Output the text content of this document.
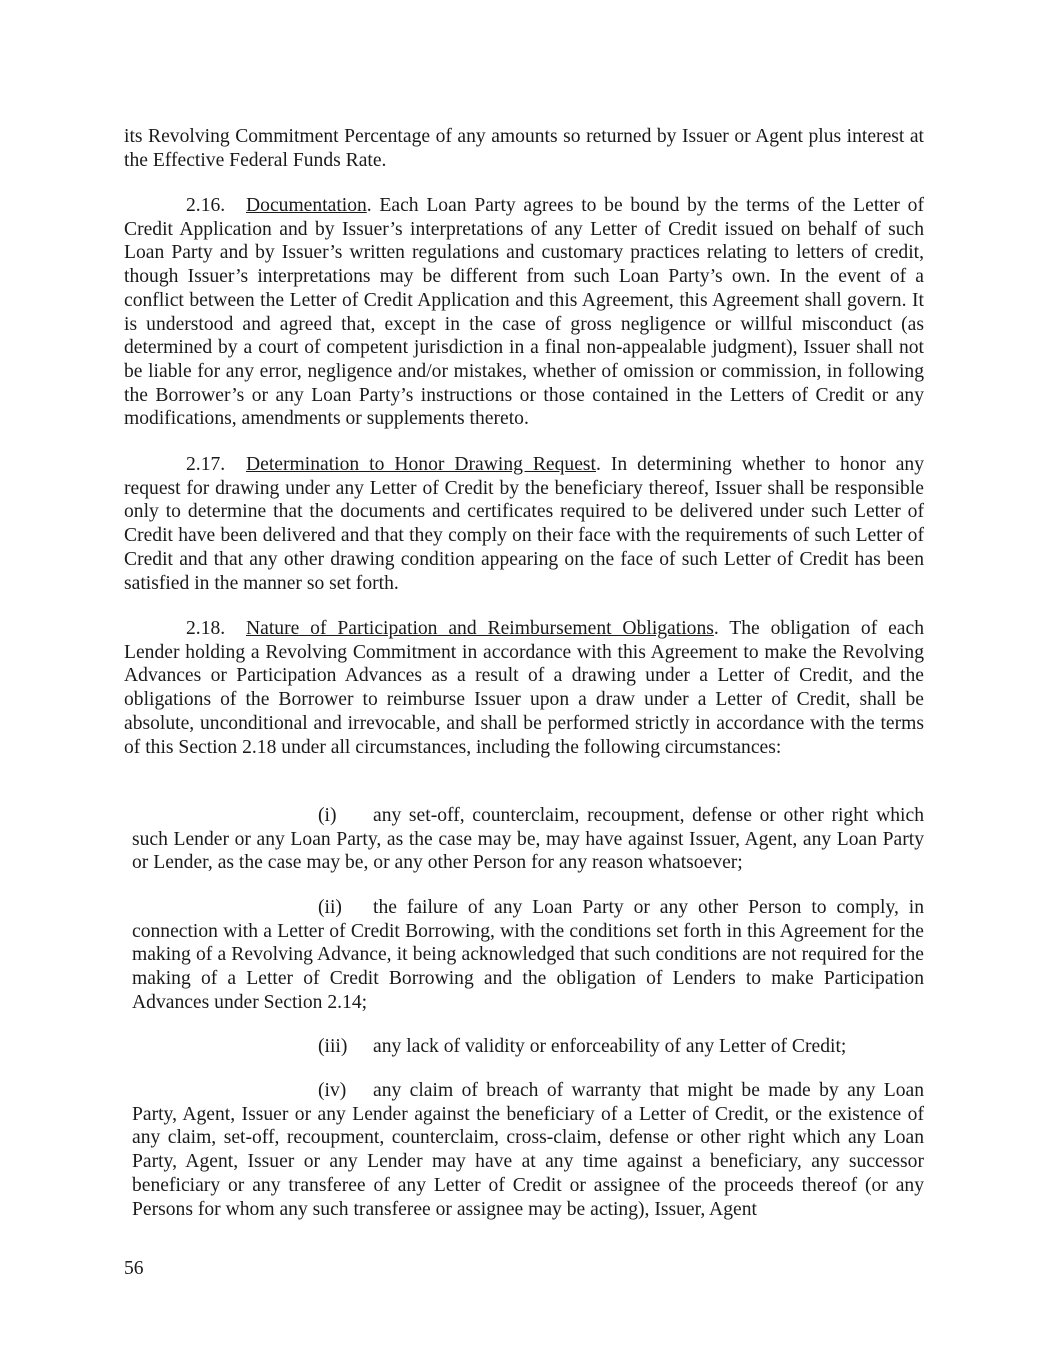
its Revolving Commitment Percentage of any amounts so returned by Issuer or Agent plus interest at the Effective Federal Funds Rate.

2.16. Documentation. Each Loan Party agrees to be bound by the terms of the Letter of Credit Application and by Issuer’s interpretations of any Letter of Credit issued on behalf of such Loan Party and by Issuer’s written regulations and customary practices relating to letters of credit, though Issuer’s interpretations may be different from such Loan Party’s own. In the event of a conflict between the Letter of Credit Application and this Agreement, this Agreement shall govern. It is understood and agreed that, except in the case of gross negligence or willful misconduct (as determined by a court of competent jurisdiction in a final non-appealable judgment), Issuer shall not be liable for any error, negligence and/or mistakes, whether of omission or commission, in following the Borrower’s or any Loan Party’s instructions or those contained in the Letters of Credit or any modifications, amendments or supplements thereto.

2.17. Determination to Honor Drawing Request. In determining whether to honor any request for drawing under any Letter of Credit by the beneficiary thereof, Issuer shall be responsible only to determine that the documents and certificates required to be delivered under such Letter of Credit have been delivered and that they comply on their face with the requirements of such Letter of Credit and that any other drawing condition appearing on the face of such Letter of Credit has been satisfied in the manner so set forth.

2.18. Nature of Participation and Reimbursement Obligations. The obligation of each Lender holding a Revolving Commitment in accordance with this Agreement to make the Revolving Advances or Participation Advances as a result of a drawing under a Letter of Credit, and the obligations of the Borrower to reimburse Issuer upon a draw under a Letter of Credit, shall be absolute, unconditional and irrevocable, and shall be performed strictly in accordance with the terms of this Section 2.18 under all circumstances, including the following circumstances:

(i) any set-off, counterclaim, recoupment, defense or other right which such Lender or any Loan Party, as the case may be, may have against Issuer, Agent, any Loan Party or Lender, as the case may be, or any other Person for any reason whatsoever;

(ii) the failure of any Loan Party or any other Person to comply, in connection with a Letter of Credit Borrowing, with the conditions set forth in this Agreement for the making of a Revolving Advance, it being acknowledged that such conditions are not required for the making of a Letter of Credit Borrowing and the obligation of Lenders to make Participation Advances under Section 2.14;

(iii) any lack of validity or enforceability of any Letter of Credit;

(iv) any claim of breach of warranty that might be made by any Loan Party, Agent, Issuer or any Lender against the beneficiary of a Letter of Credit, or the existence of any claim, set-off, recoupment, counterclaim, cross-claim, defense or other right which any Loan Party, Agent, Issuer or any Lender may have at any time against a beneficiary, any successor beneficiary or any transferee of any Letter of Credit or assignee of the proceeds thereof (or any Persons for whom any such transferee or assignee may be acting), Issuer, Agent

56
